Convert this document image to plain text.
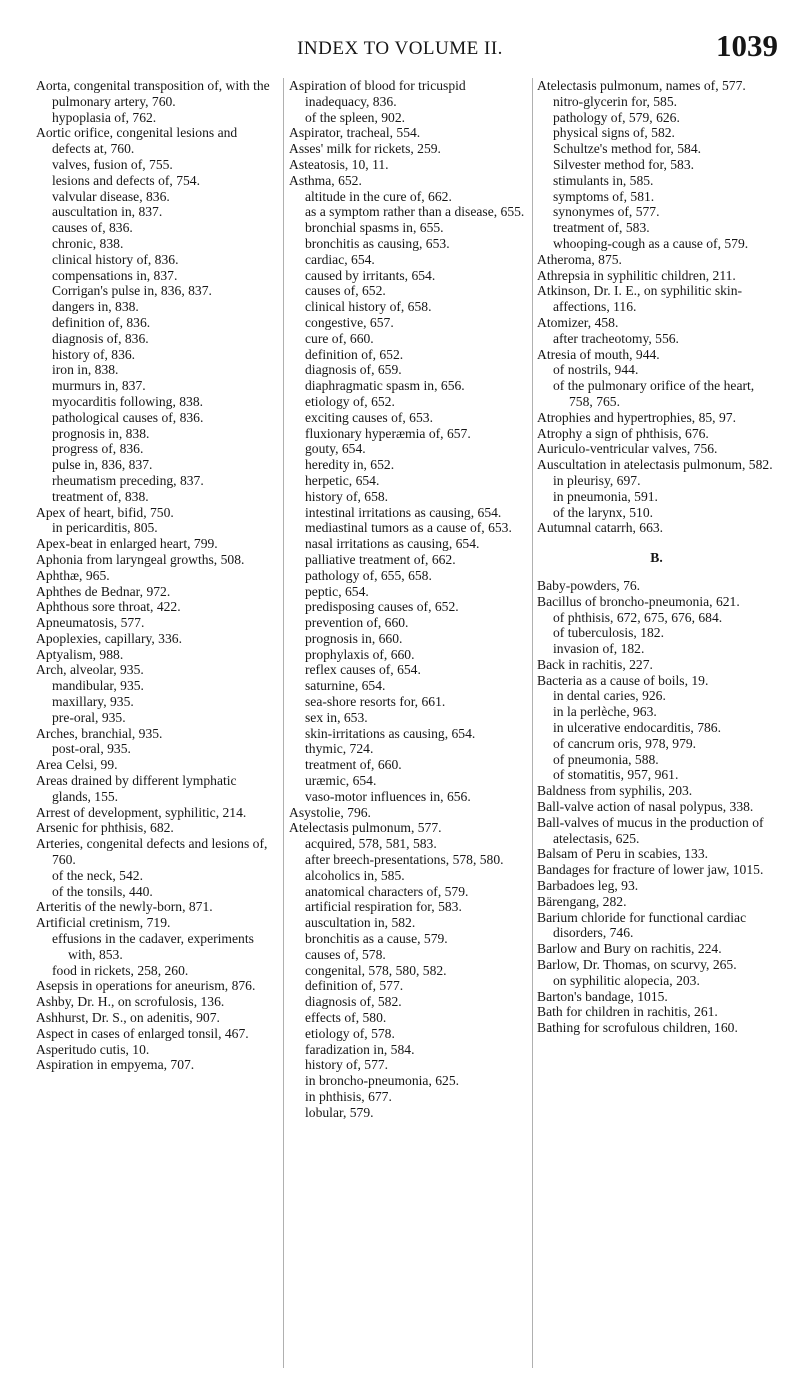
INDEX TO VOLUME II.	1039
Aorta, congenital transposition of, with the pulmonary artery, 760.
hypoplasia of, 762.
Aortic orifice, congenital lesions and defects at, 760.
valves, fusion of, 755.
lesions and defects of, 754.
valvular disease, 836.
auscultation in, 837.
causes of, 836.
chronic, 838.
clinical history of, 836.
compensations in, 837.
Corrigan's pulse in, 836, 837.
dangers in, 838.
definition of, 836.
diagnosis of, 836.
history of, 836.
iron in, 838.
murmurs in, 837.
myocarditis following, 838.
pathological causes of, 836.
prognosis in, 838.
progress of, 836.
pulse in, 836, 837.
rheumatism preceding, 837.
treatment of, 838.
Apex of heart, bifid, 750.
in pericarditis, 805.
Apex-beat in enlarged heart, 799.
Aphonia from laryngeal growths, 508.
Aphthæ, 965.
Aphthes de Bednar, 972.
Aphthous sore throat, 422.
Apneumatosis, 577.
Apoplexies, capillary, 336.
Aptyalism, 988.
Arch, alveolar, 935.
mandibular, 935.
maxillary, 935.
pre-oral, 935.
Arches, branchial, 935.
post-oral, 935.
Area Celsi, 99.
Areas drained by different lymphatic glands, 155.
Arrest of development, syphilitic, 214.
Arsenic for phthisis, 682.
Arteries, congenital defects and lesions of, 760.
of the neck, 542.
of the tonsils, 440.
Arteritis of the newly-born, 871.
Artificial cretinism, 719.
effusions in the cadaver, experiments with, 853.
food in rickets, 258, 260.
Asepsis in operations for aneurism, 876.
Ashby, Dr. H., on scrofulosis, 136.
Ashhurst, Dr. S., on adenitis, 907.
Aspect in cases of enlarged tonsil, 467.
Asperitudo cutis, 10.
Aspiration in empyema, 707.
Aspiration of blood for tricuspid inadequacy, 836.
of the spleen, 902.
Aspirator, tracheal, 554.
Asses' milk for rickets, 259.
Asteatosis, 10, 11.
Asthma, 652.
altitude in the cure of, 662.
as a symptom rather than a disease, 655.
bronchial spasms in, 655.
bronchitis as causing, 653.
cardiac, 654.
caused by irritants, 654.
causes of, 652.
clinical history of, 658.
congestive, 657.
cure of, 660.
definition of, 652.
diagnosis of, 659.
diaphragmatic spasm in, 656.
etiology of, 652.
exciting causes of, 653.
fluxionary hyperæmia of, 657.
gouty, 654.
heredity in, 652.
herpetic, 654.
history of, 658.
intestinal irritations as causing, 654.
mediastinal tumors as a cause of, 653.
nasal irritations as causing, 654.
palliative treatment of, 662.
pathology of, 655, 658.
peptic, 654.
predisposing causes of, 652.
prevention of, 660.
prognosis in, 660.
prophylaxis of, 660.
reflex causes of, 654.
saturnine, 654.
sea-shore resorts for, 661.
sex in, 653.
skin-irritations as causing, 654.
thymic, 724.
treatment of, 660.
uræmic, 654.
vaso-motor influences in, 656.
Asystolie, 796.
Atelectasis pulmonum, 577.
acquired, 578, 581, 583.
after breech-presentations, 578, 580.
alcoholics in, 585.
anatomical characters of, 579.
artificial respiration for, 583.
auscultation in, 582.
bronchitis as a cause, 579.
causes of, 578.
congenital, 578, 580, 582.
definition of, 577.
diagnosis of, 582.
effects of, 580.
etiology of, 578.
faradization in, 584.
history of, 577.
in broncho-pneumonia, 625.
in phthisis, 677.
lobular, 579.
Atelectasis pulmonum, names of, 577.
nitro-glycerin for, 585.
pathology of, 579, 626.
physical signs of, 582.
Schultze's method for, 584.
Silvester method for, 583.
stimulants in, 585.
symptoms of, 581.
synonymes of, 577.
treatment of, 583.
whooping-cough as a cause of, 579.
Atheroma, 875.
Athrepsia in syphilitic children, 211.
Atkinson, Dr. I. E., on syphilitic skin-affections, 116.
Atomizer, 458.
after tracheotomy, 556.
Atresia of mouth, 944.
of nostrils, 944.
of the pulmonary orifice of the heart, 758, 765.
Atrophies and hypertrophies, 85, 97.
Atrophy a sign of phthisis, 676.
Auriculo-ventricular valves, 756.
Auscultation in atelectasis pulmonum, 582.
in pleurisy, 697.
in pneumonia, 591.
of the larynx, 510.
Autumnal catarrh, 663.
B.
Baby-powders, 76.
Bacillus of broncho-pneumonia, 621.
of phthisis, 672, 675, 676, 684.
of tuberculosis, 182.
invasion of, 182.
Back in rachitis, 227.
Bacteria as a cause of boils, 19.
in dental caries, 926.
in la perlèche, 963.
in ulcerative endocarditis, 786.
of cancrum oris, 978, 979.
of pneumonia, 588.
of stomatitis, 957, 961.
Baldness from syphilis, 203.
Ball-valve action of nasal polypus, 338.
Ball-valves of mucus in the production of atelectasis, 625.
Balsam of Peru in scabies, 133.
Bandages for fracture of lower jaw, 1015.
Barbadoes leg, 93.
Bärengang, 282.
Barium chloride for functional cardiac disorders, 746.
Barlow and Bury on rachitis, 224.
Barlow, Dr. Thomas, on scurvy, 265.
on syphilitic alopecia, 203.
Barton's bandage, 1015.
Bath for children in rachitis, 261.
Bathing for scrofulous children, 160.
